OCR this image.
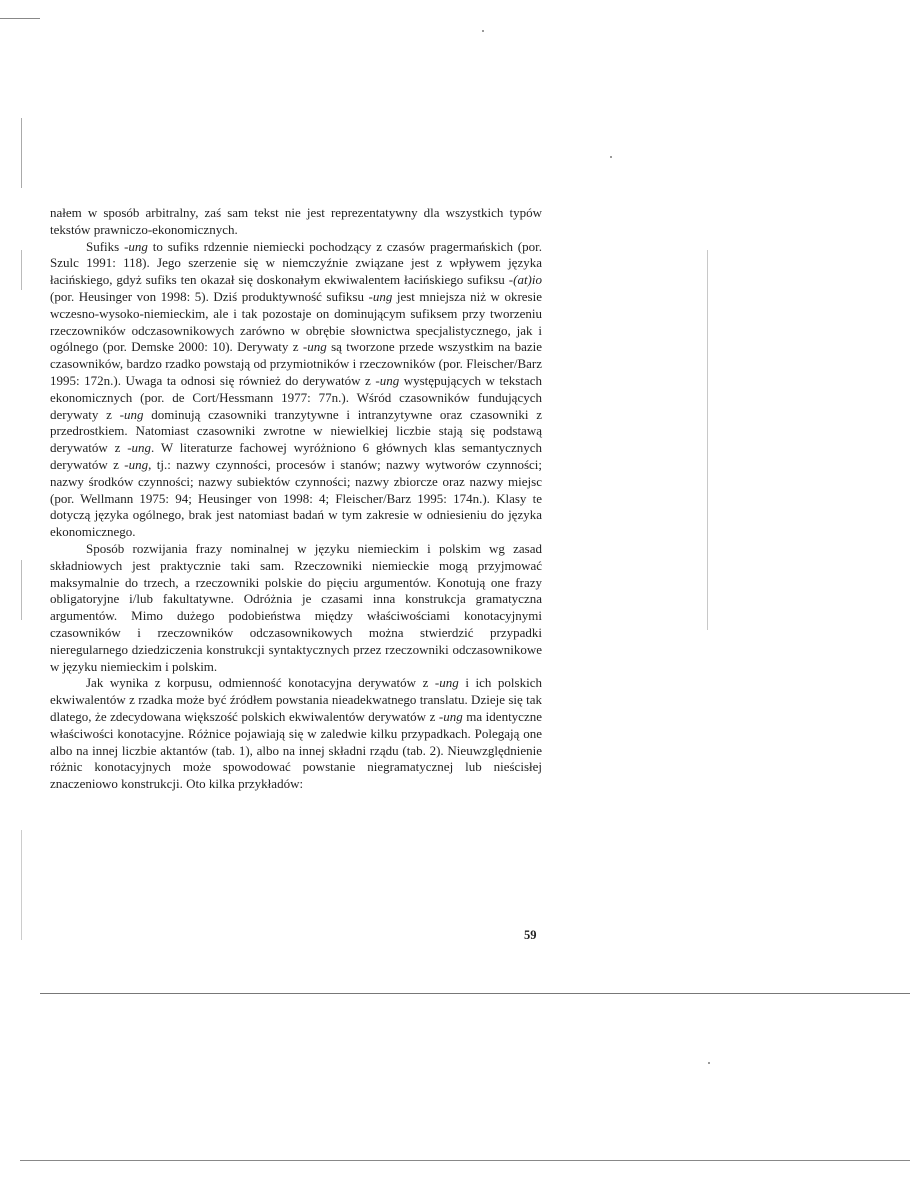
nałem w sposób arbitralny, zaś sam tekst nie jest reprezentatywny dla wszystkich typów tekstów prawniczo-ekonomicznych.

Sufiks -ung to sufiks rdzennie niemiecki pochodzący z czasów pragermańskich (por. Szulc 1991: 118). Jego szerzenie się w niemczyźnie związane jest z wpływem języka łacińskiego, gdyż sufiks ten okazał się doskonałym ekwiwalentem łacińskiego sufiksu -(at)io (por. Heusinger von 1998: 5). Dziś produktywność sufiksu -ung jest mniejsza niż w okresie wczesno-wysoko-niemieckim, ale i tak pozostaje on dominującym sufiksem przy tworzeniu rzeczowników odczasownikowych zarówno w obrębie słownictwa specjalistycznego, jak i ogólnego (por. Demske 2000: 10). Derywaty z -ung są tworzone przede wszystkim na bazie czasowników, bardzo rzadko powstają od przymiotników i rzeczowników (por. Fleischer/Barz 1995: 172n.). Uwaga ta odnosi się również do derywatów z -ung występujących w tekstach ekonomicznych (por. de Cort/Hessmann 1977: 77n.). Wśród czasowników fundujących derywaty z -ung dominują czasowniki tranzytywne i intranzytywne oraz czasowniki z przedrostkiem. Natomiast czasowniki zwrotne w niewielkiej liczbie stają się podstawą derywatów z -ung. W literaturze fachowej wyróżniono 6 głównych klas semantycznych derywatów z -ung, tj.: nazwy czynności, procesów i stanów; nazwy wytworów czynności; nazwy środków czynności; nazwy subiektów czynności; nazwy zbiorcze oraz nazwy miejsc (por. Wellmann 1975: 94; Heusinger von 1998: 4; Fleischer/Barz 1995: 174n.). Klasy te dotyczą języka ogólnego, brak jest natomiast badań w tym zakresie w odniesieniu do języka ekonomicznego.

Sposób rozwijania frazy nominalnej w języku niemieckim i polskim wg zasad składniowych jest praktycznie taki sam. Rzeczowniki niemieckie mogą przyjmować maksymalnie do trzech, a rzeczowniki polskie do pięciu argumentów. Konotują one frazy obligatoryjne i/lub fakultatywne. Odróżnia je czasami inna konstrukcja gramatyczna argumentów. Mimo dużego podobieństwa między właściwościami konotacyjnymi czasowników i rzeczowników odczasownikowych można stwierdzić przypadki nieregularnego dziedziczenia konstrukcji syntaktycznych przez rzeczowniki odczasownikowe w języku niemieckim i polskim.

Jak wynika z korpusu, odmienność konotacyjna derywatów z -ung i ich polskich ekwiwalentów z rzadka może być źródłem powstania nieadekwatnego translatu. Dzieje się tak dlatego, że zdecydowana większość polskich ekwiwalentów derywatów z -ung ma identyczne właściwości konotacyjne. Różnice pojawiają się w zaledwie kilku przypadkach. Polegają one albo na innej liczbie aktantów (tab. 1), albo na innej składni rządu (tab. 2). Nieuwzględnienie różnic konotacyjnych może spowodować powstanie niegramatycznej lub nieścisłej znaczeniowo konstrukcji. Oto kilka przykładów:

59
